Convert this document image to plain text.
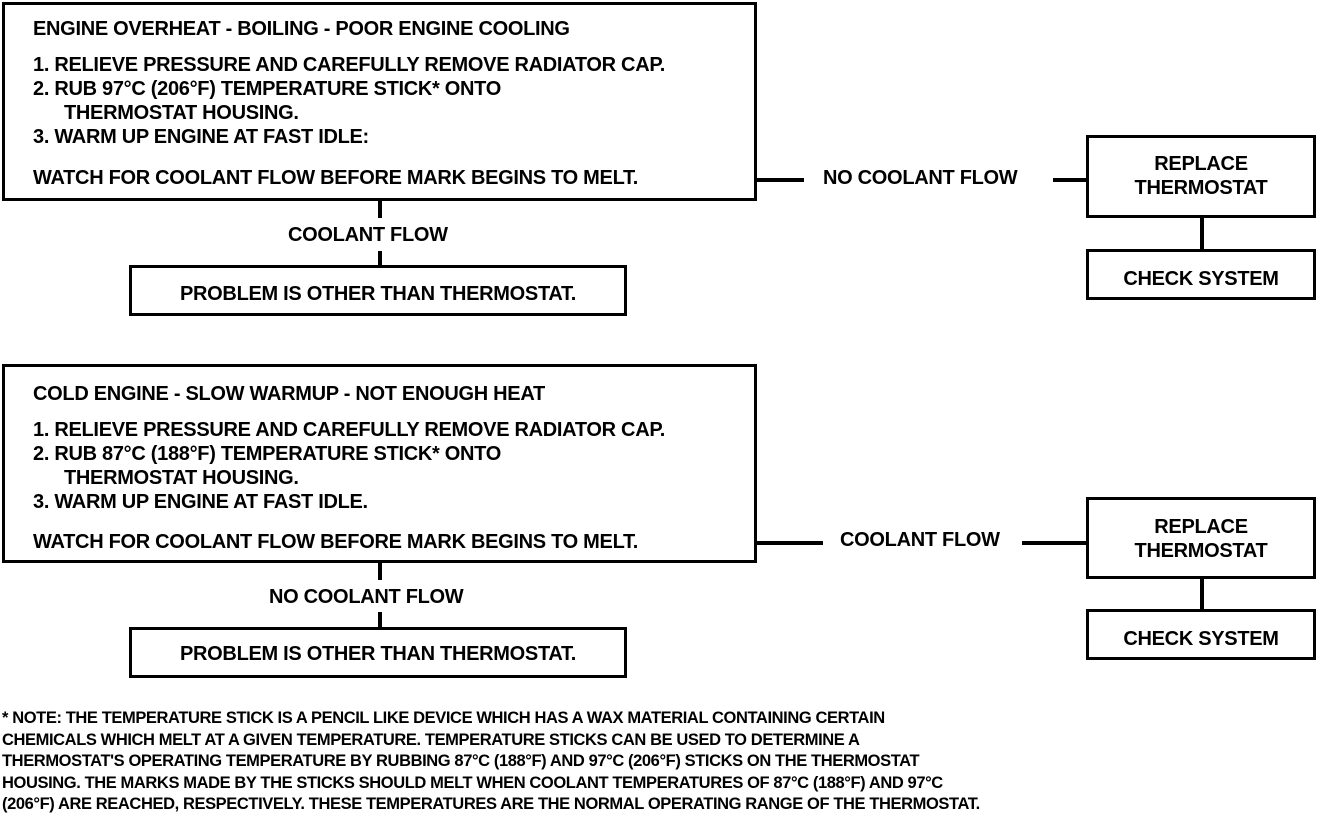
ENGINE OVERHEAT - BOILING - POOR ENGINE COOLING
1. RELIEVE PRESSURE AND CAREFULLY REMOVE RADIATOR CAP.
2. RUB 97°C (206°F) TEMPERATURE STICK* ONTO
THERMOSTAT HOUSING.
3. WARM UP ENGINE AT FAST IDLE:
WATCH FOR COOLANT FLOW BEFORE MARK BEGINS TO MELT.	NO COOLANT FLOW
REPLACE
THERMOSTAT
CHECK SYSTEM
COOLANT FLOW
PROBLEM IS OTHER THAN THERMOSTAT.
COLD ENGINE - SLOW WARMUP - NOT ENOUGH HEAT
1. RELIEVE PRESSURE AND CAREFULLY REMOVE RADIATOR CAP.
2. RUB 87°C (188°F) TEMPERATURE STICK* ONTO
THERMOSTAT HOUSING.
3. WARM UP ENGINE AT FAST IDLE.
WATCH FOR COOLANT FLOW BEFORE MARK BEGINS TO MELT.	COOLANT FLOW
REPLACE
THERMOSTAT
CHECK SYSTEM
NO COOLANT FLOW
PROBLEM IS OTHER THAN THERMOSTAT.
* NOTE: THE TEMPERATURE STICK IS A PENCIL LIKE DEVICE WHICH HAS A WAX MATERIAL CONTAINING CERTAIN
CHEMICALS WHICH MELT AT A GIVEN TEMPERATURE. TEMPERATURE STICKS CAN BE USED TO DETERMINE A
THERMOSTAT'S OPERATING TEMPERATURE BY RUBBING 87°C (188°F) AND 97°C (206°F) STICKS ON THE THERMOSTAT
HOUSING. THE MARKS MADE BY THE STICKS SHOULD MELT WHEN COOLANT TEMPERATURES OF 87°C (188°F) AND 97°C
(206°F) ARE REACHED, RESPECTIVELY. THESE TEMPERATURES ARE THE NORMAL OPERATING RANGE OF THE THERMOSTAT.
